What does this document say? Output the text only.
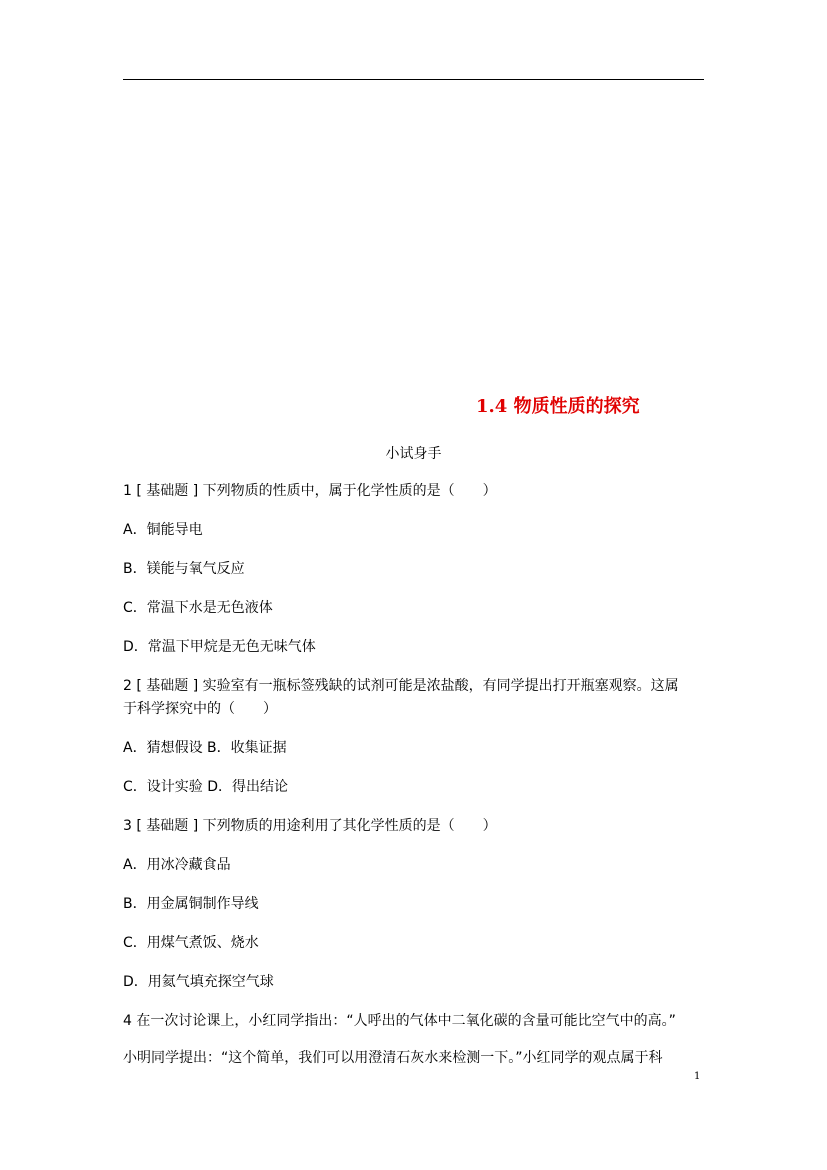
1.4 物质性质的探究
小试身手
1 [ 基础题 ] 下列物质的性质中，属于化学性质的是（　　）
A．铜能导电
B．镁能与氧气反应
C．常温下水是无色液体
D．常温下甲烷是无色无味气体
2 [ 基础题 ] 实验室有一瓶标签残缺的试剂可能是浓盐酸，有同学提出打开瓶塞观察。这属
于科学探究中的（　　）
A．猜想假设 B．收集证据
C．设计实验 D．得出结论
3 [ 基础题 ] 下列物质的用途利用了其化学性质的是（　　）
A．用冰冷藏食品
B．用金属铜制作导线
C．用煤气煮饭、烧水
D．用氦气填充探空气球
4 在一次讨论课上，小红同学指出：“人呼出的气体中二氧化碳的含量可能比空气中的高。”
小明同学提出：“这个简单，我们可以用澄清石灰水来检测一下。”小红同学的观点属于科
1
